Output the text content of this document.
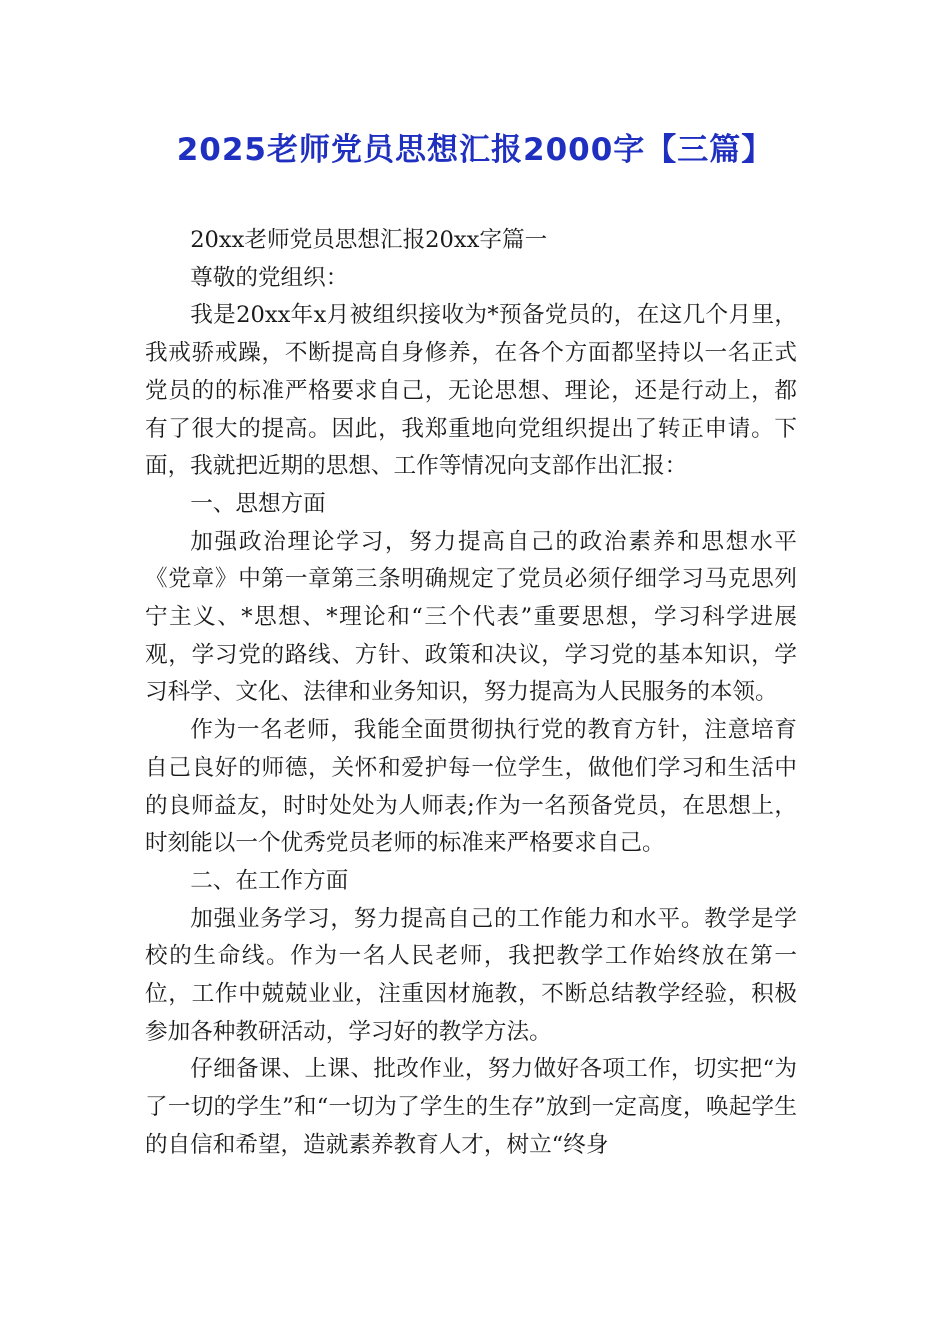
2025老师党员思想汇报2000字【三篇】

20xx老师党员思想汇报20xx字篇一

尊敬的党组织：

我是20xx年x月被组织接收为*预备党员的，在这几个月里，我戒骄戒躁，不断提高自身修养，在各个方面都坚持以一名正式党员的的标准严格要求自己，无论思想、理论，还是行动上，都有了很大的提高。因此，我郑重地向党组织提出了转正申请。下面，我就把近期的思想、工作等情况向支部作出汇报：

一、思想方面

加强政治理论学习，努力提高自己的政治素养和思想水平《党章》中第一章第三条明确规定了党员必须仔细学习马克思列宁主义、*思想、*理论和“三个代表”重要思想，学习科学进展观，学习党的路线、方针、政策和决议，学习党的基本知识，学习科学、文化、法律和业务知识，努力提高为人民服务的本领。

作为一名老师，我能全面贯彻执行党的教育方针，注意培育自己良好的师德，关怀和爱护每一位学生，做他们学习和生活中的良师益友，时时处处为人师表;作为一名预备党员，在思想上，时刻能以一个优秀党员老师的标准来严格要求自己。

二、在工作方面

加强业务学习，努力提高自己的工作能力和水平。教学是学校的生命线。作为一名人民老师，我把教学工作始终放在第一位，工作中兢兢业业，注重因材施教，不断总结教学经验，积极参加各种教研活动，学习好的教学方法。

仔细备课、上课、批改作业，努力做好各项工作，切实把“为了一切的学生”和“一切为了学生的生存”放到一定高度，唤起学生的自信和希望，造就素养教育人才，树立“终身
